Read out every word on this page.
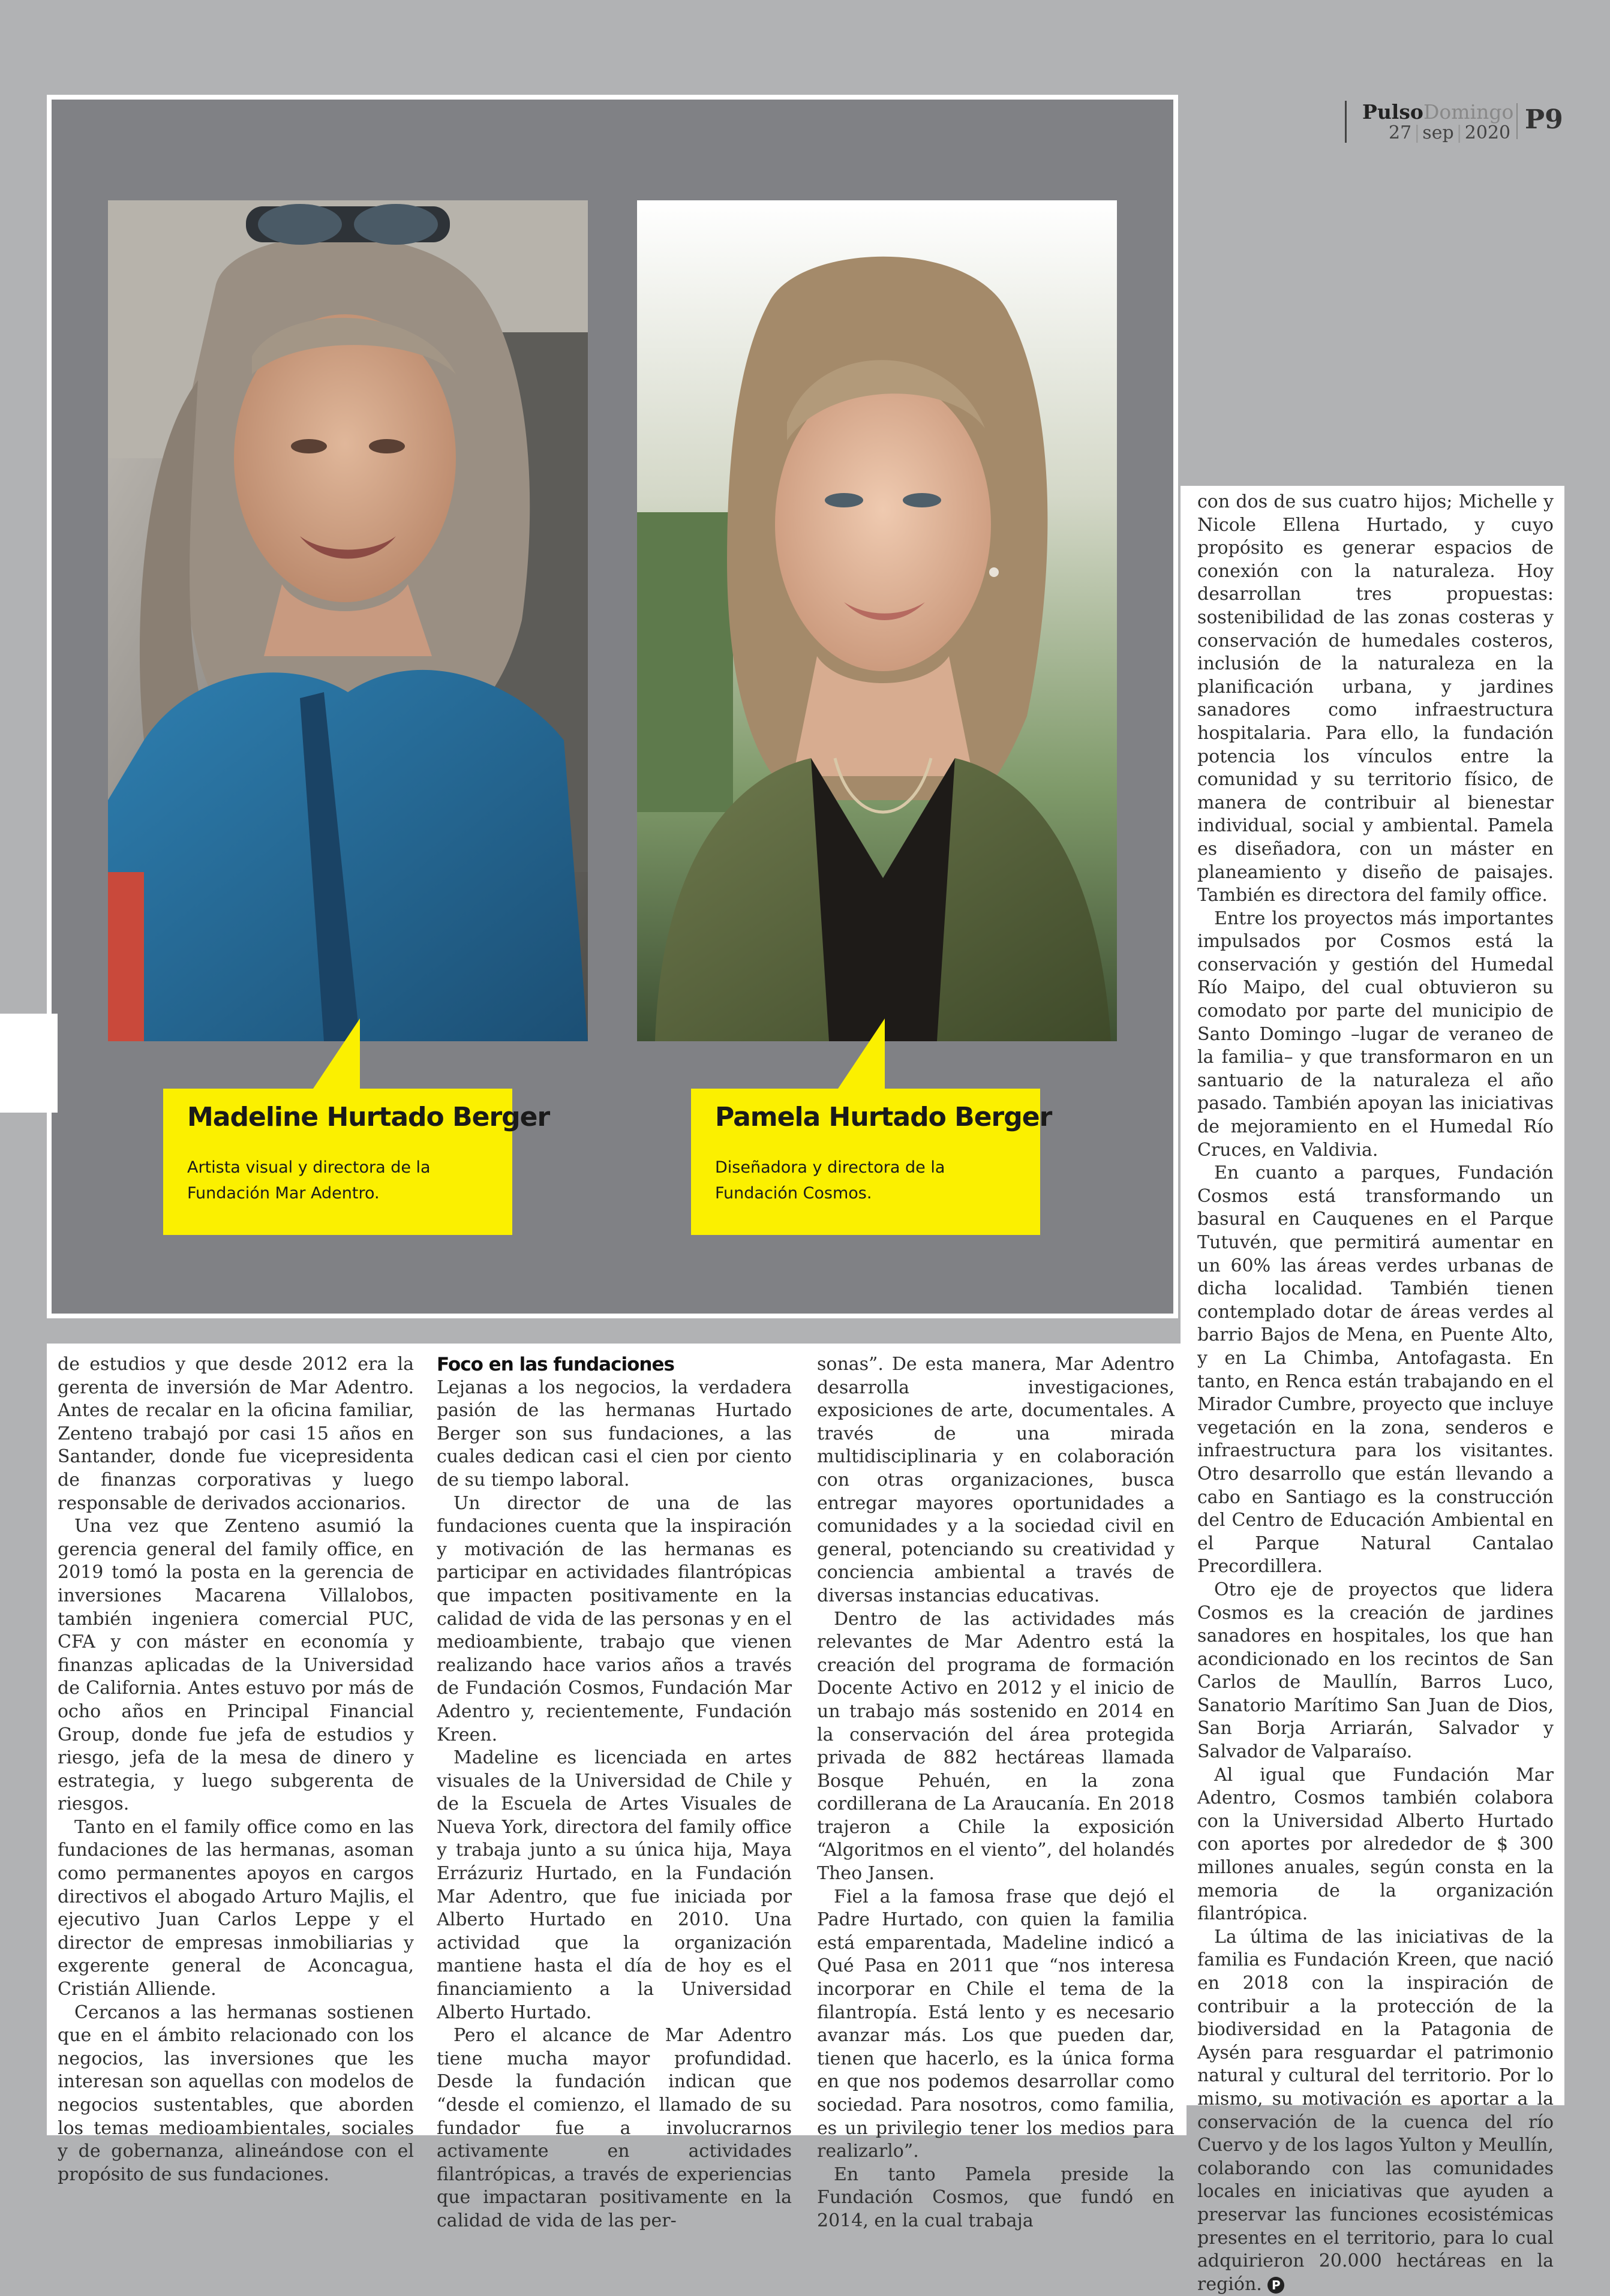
PulsoDomingo
27 | sep | 2020 P9
Madeline Hurtado Berger
Artista visual y directora de la Fundación Mar Adentro.
Pamela Hurtado Berger
Diseñadora y directora de la Fundación Cosmos.

con dos de sus cuatro hijos; Michelle y Nicole Ellena Hurtado, y cuyo propósito es generar espacios de conexión con la naturaleza. Hoy desarrollan tres propuestas: sostenibilidad de las zonas costeras y conservación de humedales costeros, inclusión de la naturaleza en la planificación urbana, y jardines sanadores como infraestructura hospitalaria. Para ello, la fundación potencia los vínculos entre la comunidad y su territorio físico, de manera de contribuir al bienestar individual, social y ambiental. Pamela es diseñadora, con un máster en planeamiento y diseño de paisajes. También es directora del family office.

Entre los proyectos más importantes impulsados por Cosmos está la conservación y gestión del Humedal Río Maipo, del cual obtuvieron su comodato por parte del municipio de Santo Domingo –lugar de veraneo de la familia– y que transformaron en un santuario de la naturaleza el año pasado. También apoyan las iniciativas de mejoramiento en el Humedal Río Cruces, en Valdivia.

En cuanto a parques, Fundación Cosmos está transformando un basural en Cauquenes en el Parque Tutuvén, que permitirá aumentar en un 60% las áreas verdes urbanas de dicha localidad. También tienen contemplado dotar de áreas verdes al barrio Bajos de Mena, en Puente Alto, y en La Chimba, Antofagasta. En tanto, en Renca están trabajando en el Mirador Cumbre, proyecto que incluye vegetación en la zona, senderos e infraestructura para los visitantes. Otro desarrollo que están llevando a cabo en Santiago es la construcción del Centro de Educación Ambiental en el Parque Natural Cantalao Precordillera.

Otro eje de proyectos que lidera Cosmos es la creación de jardines sanadores en hospitales, los que han acondicionado en los recintos de San Carlos de Maullín, Barros Luco, Sanatorio Marítimo San Juan de Dios, San Borja Arriarán, Salvador y Salvador de Valparaíso.

Al igual que Fundación Mar Adentro, Cosmos también colabora con la Universidad Alberto Hurtado con aportes por alrededor de $ 300 millones anuales, según consta en la memoria de la organización filantrópica.

La última de las iniciativas de la familia es Fundación Kreen, que nació en 2018 con la inspiración de contribuir a la protección de la biodiversidad en la Patagonia de Aysén para resguardar el patrimonio natural y cultural del territorio. Por lo mismo, su motivación es aportar a la conservación de la cuenca del río Cuervo y de los lagos Yulton y Meullín, colaborando con las comunidades locales en iniciativas que ayuden a preservar las funciones ecosistémicas presentes en el territorio, para lo cual adquirieron 20.000 hectáreas en la región. P

de estudios y que desde 2012 era la gerenta de inversión de Mar Adentro. Antes de recalar en la oficina familiar, Zenteno trabajó por casi 15 años en Santander, donde fue vicepresidenta de finanzas corporativas y luego responsable de derivados accionarios.

Una vez que Zenteno asumió la gerencia general del family office, en 2019 tomó la posta en la gerencia de inversiones Macarena Villalobos, también ingeniera comercial PUC, CFA y con máster en economía y finanzas aplicadas de la Universidad de California. Antes estuvo por más de ocho años en Principal Financial Group, donde fue jefa de estudios y riesgo, jefa de la mesa de dinero y estrategia, y luego subgerenta de riesgos.

Tanto en el family office como en las fundaciones de las hermanas, asoman como permanentes apoyos en cargos directivos el abogado Arturo Majlis, el ejecutivo Juan Carlos Leppe y el director de empresas inmobiliarias y exgerente general de Aconcagua, Cristián Alliende.

Cercanos a las hermanas sostienen que en el ámbito relacionado con los negocios, las inversiones que les interesan son aquellas con modelos de negocios sustentables, que aborden los temas medioambientales, sociales y de gobernanza, alineándose con el propósito de sus fundaciones.

Foco en las fundaciones

Lejanas a los negocios, la verdadera pasión de las hermanas Hurtado Berger son sus fundaciones, a las cuales dedican casi el cien por ciento de su tiempo laboral.

Un director de una de las fundaciones cuenta que la inspiración y motivación de las hermanas es participar en actividades filantrópicas que impacten positivamente en la calidad de vida de las personas y en el medioambiente, trabajo que vienen realizando hace varios años a través de Fundación Cosmos, Fundación Mar Adentro y, recientemente, Fundación Kreen.

Madeline es licenciada en artes visuales de la Universidad de Chile y de la Escuela de Artes Visuales de Nueva York, directora del family office y trabaja junto a su única hija, Maya Errázuriz Hurtado, en la Fundación Mar Adentro, que fue iniciada por Alberto Hurtado en 2010. Una actividad que la organización mantiene hasta el día de hoy es el financiamiento a la Universidad Alberto Hurtado.

Pero el alcance de Mar Adentro tiene mucha mayor profundidad. Desde la fundación indican que “desde el comienzo, el llamado de su fundador fue a involucrarnos activamente en actividades filantrópicas, a través de experiencias que impactaran positivamente en la calidad de vida de las per-

sonas”. De esta manera, Mar Adentro desarrolla investigaciones, exposiciones de arte, documentales. A través de una mirada multidisciplinaria y en colaboración con otras organizaciones, busca entregar mayores oportunidades a comunidades y a la sociedad civil en general, potenciando su creatividad y conciencia ambiental a través de diversas instancias educativas.

Dentro de las actividades más relevantes de Mar Adentro está la creación del programa de formación Docente Activo en 2012 y el inicio de un trabajo más sostenido en 2014 en la conservación del área protegida privada de 882 hectáreas llamada Bosque Pehuén, en la zona cordillerana de La Araucanía. En 2018 trajeron a Chile la exposición “Algoritmos en el viento”, del holandés Theo Jansen.

Fiel a la famosa frase que dejó el Padre Hurtado, con quien la familia está emparentada, Madeline indicó a Qué Pasa en 2011 que “nos interesa incorporar en Chile el tema de la filantropía. Está lento y es necesario avanzar más. Los que pueden dar, tienen que hacerlo, es la única forma en que nos podemos desarrollar como sociedad. Para nosotros, como familia, es un privilegio tener los medios para realizarlo”.

En tanto Pamela preside la Fundación Cosmos, que fundó en 2014, en la cual trabaja
